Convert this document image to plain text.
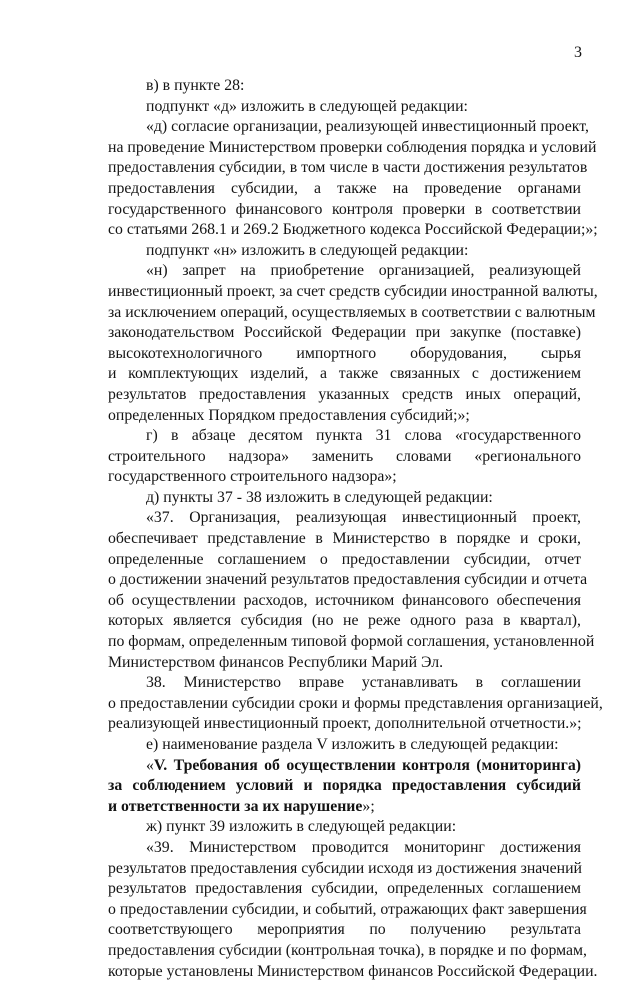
3

в) в пункте 28:

подпункт «д» изложить в следующей редакции:

«д) согласие организации, реализующей инвестиционный проект,

на проведение Министерством проверки соблюдения порядка и условий

предоставления субсидии, в том числе в части достижения результатов

предоставления субсидии, а также на проведение органами

государственного финансового контроля проверки в соответствии

со статьями 268.1 и 269.2 Бюджетного кодекса Российской Федерации;»;

подпункт «н» изложить в следующей редакции:

«н) запрет на приобретение организацией, реализующей

инвестиционный проект, за счет средств субсидии иностранной валюты,

за исключением операций, осуществляемых в соответствии с валютным

законодательством Российской Федерации при закупке (поставке)

высокотехнологичного импортного оборудования, сырья

и комплектующих изделий, а также связанных с достижением

результатов предоставления указанных средств иных операций,

определенных Порядком предоставления субсидий;»;

г) в абзаце десятом пункта 31 слова «государственного

строительного надзора» заменить словами «регионального

государственного строительного надзора»;

д) пункты 37 - 38 изложить в следующей редакции:

«37. Организация, реализующая инвестиционный проект,

обеспечивает представление в Министерство в порядке и сроки,

определенные соглашением о предоставлении субсидии, отчет

о достижении значений результатов предоставления субсидии и отчета

об осуществлении расходов, источником финансового обеспечения

которых является субсидия (но не реже одного раза в квартал),

по формам, определенным типовой формой соглашения, установленной

Министерством финансов Республики Марий Эл.

38. Министерство вправе устанавливать в соглашении

о предоставлении субсидии сроки и формы представления организацией,

реализующей инвестиционный проект, дополнительной отчетности.»;

е) наименование раздела V изложить в следующей редакции:

«V. Требования об осуществлении контроля (мониторинга)

за соблюдением условий и порядка предоставления субсидий

и ответственности за их нарушение»;

ж) пункт 39 изложить в следующей редакции:

«39. Министерством проводится мониторинг достижения

результатов предоставления субсидии исходя из достижения значений

результатов предоставления субсидии, определенных соглашением

о предоставлении субсидии, и событий, отражающих факт завершения

соответствующего мероприятия по получению результата

предоставления субсидии (контрольная точка), в порядке и по формам,

которые установлены Министерством финансов Российской Федерации.
